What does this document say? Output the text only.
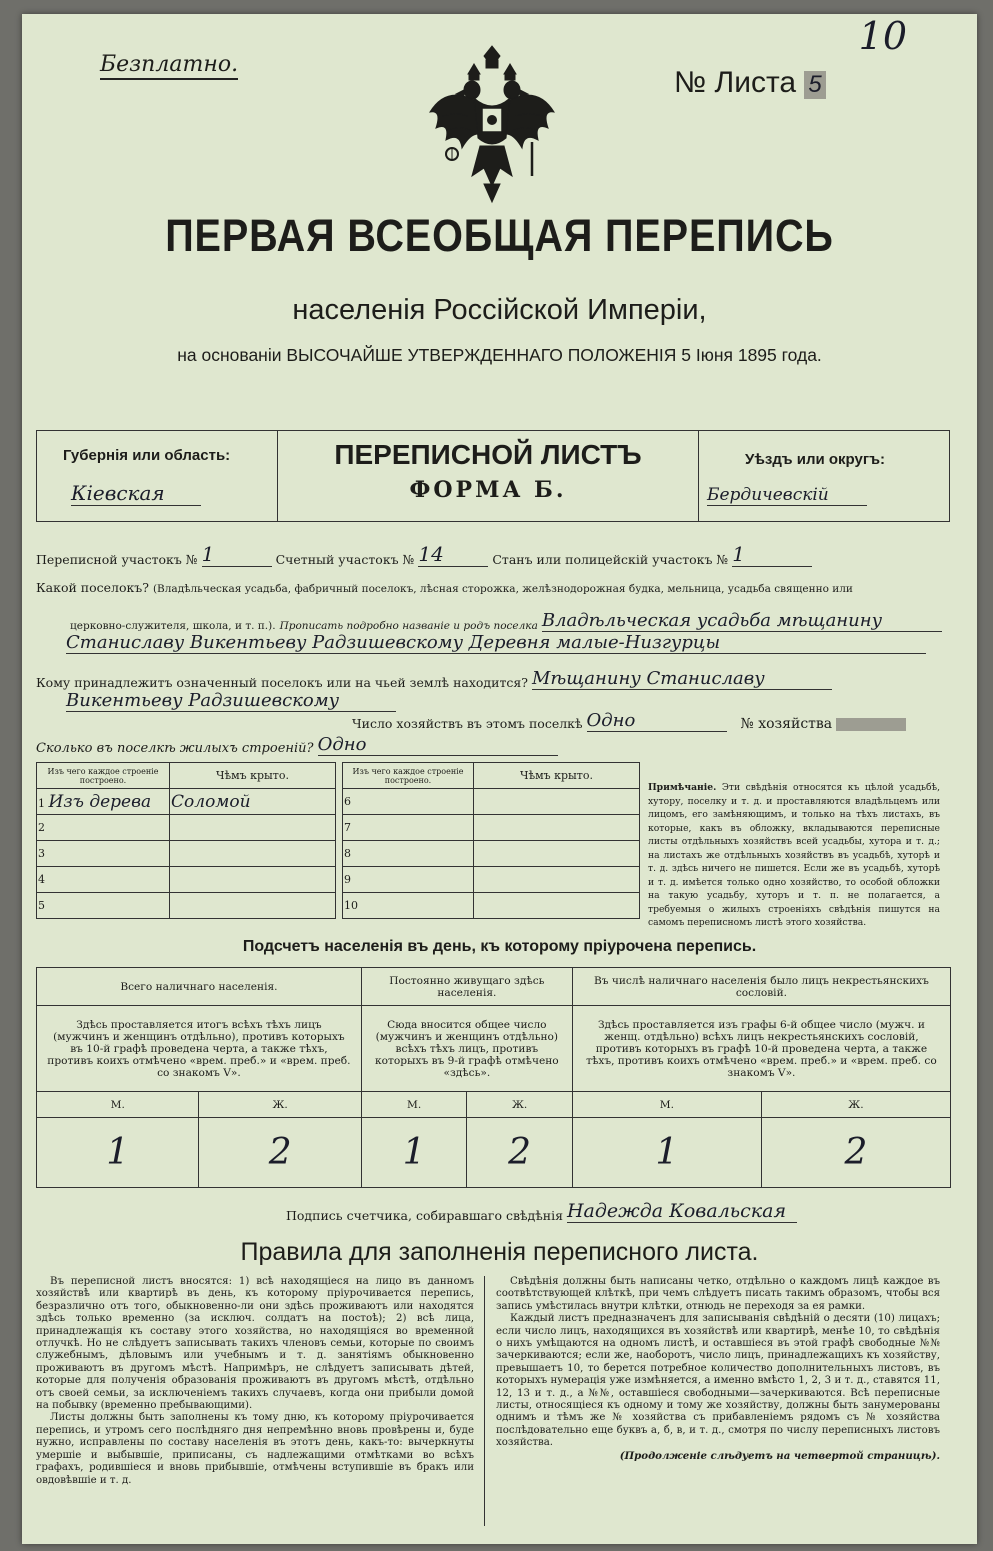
Безплатно.
10
№ Листа 5
ПЕРВАЯ ВСЕОБЩАЯ ПЕРЕПИСЬ
населенія Россійской Имперіи,
на основаніи ВЫСОЧАЙШЕ УТВЕРЖДЕННАГО ПОЛОЖЕНІЯ 5 Іюня 1895 года.
Губернія или область:
Кіевская
ПЕРЕПИСНОЙ ЛИСТЪ
ФОРМА Б.
Уѣздъ или округъ:
Бердичевскій
Переписной участокъ № 1	Счетный участокъ № 14	Станъ или полицейскій участокъ № 1
Какой поселокъ? (Владѣльческая усадьба, фабричный поселокъ, лѣсная сторожка, желѣзнодорожная будка, мельница, усадьба священно или
церковно-служителя, школа, и т. п.). Прописать подробно названіе и родъ поселка Владѣльческая усадьба мѣщанину
Станиславу Викентьеву Радзишевскому Деревня малые-Низгурцы
Кому принадлежитъ означенный поселокъ или на чьей землѣ находится? Мѣщанину Станиславу
Викентьеву Радзишевскому
Число хозяйствъ въ этомъ поселкѣ Одно	№ хозяйства
Сколько въ поселкѣ жилыхъ строеній? Одно
Изъ чего каждое строеніе построено.	Чѣмъ крыто.
1 Изъ дерева	Соломой
2	
3	
4	
5	
Изъ чего каждое строеніе построено.	Чѣмъ крыто.
6	
7	
8	
9	
10	
Примѣчаніе. Эти свѣдѣнія относятся къ цѣлой усадьбѣ, хутору, поселку и т. д. и проставляются владѣльцемъ или лицомъ, его замѣняющимъ, и только на тѣхъ листахъ, въ которые, какъ въ обложку, вкладываются переписные листы отдѣльныхъ хозяйствъ всей усадьбы, хутора и т. д.; на листахъ же отдѣльныхъ хозяйствъ въ усадьбѣ, хуторѣ и т. д. здѣсь ничего не пишется. Если же въ усадьбѣ, хуторѣ и т. д. имѣется только одно хозяйство, то особой обложки на такую усадьбу, хуторъ и т. п. не полагается, а требуемыя о жилыхъ строеніяхъ свѣдѣнія пишутся на самомъ переписномъ листѣ этого хозяйства.
Подсчетъ населенія въ день, къ которому пріурочена перепись.
Всего наличнаго населенія.		Постоянно живущаго здѣсь населенія.		Въ числѣ наличнаго населенія было лицъ некрестьянскихъ сословій.	
Здѣсь проставляется итогъ всѣхъ тѣхъ лицъ (мужчинъ и женщинъ отдѣльно), противъ которыхъ въ 10-й графѣ проведена черта, а также тѣхъ, противъ коихъ отмѣчено «врем. преб.» и «врем. преб. со знакомъ V».		Сюда вносится общее число (мужчинъ и женщинъ отдѣльно) всѣхъ тѣхъ лицъ, противъ которыхъ въ 9-й графѣ отмѣчено «здѣсь».		Здѣсь проставляется изъ графы 6-й общее число (мужч. и женщ. отдѣльно) всѣхъ лицъ некрестьянскихъ сословій, противъ которыхъ въ графѣ 10-й проведена черта, а также тѣхъ, противъ коихъ отмѣчено «врем. преб.» и «врем. преб. со знакомъ V».	
М.	Ж.	М.	Ж.	М.	Ж.
1	2	1	2	1	2
Подпись счетчика, собиравшаго свѣдѣнія Надежда Ковальская
Правила для заполненія переписного листа.

Въ переписной листъ вносятся: 1) всѣ находящіеся на лицо въ данномъ хозяйствѣ или квартирѣ въ день, къ которому пріурочивается перепись, безразлично отъ того, обыкновенно-ли они здѣсь проживаютъ или находятся здѣсь только временно (за исключ. солдатъ на постоѣ); 2) всѣ лица, принадлежащія къ составу этого хозяйства, но находящіяся во временной отлучкѣ. Но не слѣдуетъ записывать такихъ членовъ семьи, которые по своимъ служебнымъ, дѣловымъ или учебнымъ и т. д. занятіямъ обыкновенно проживаютъ въ другомъ мѣстѣ. Напримѣръ, не слѣдуетъ записывать дѣтей, которые для полученія образованія проживаютъ въ другомъ мѣстѣ, отдѣльно отъ своей семьи, за исключеніемъ такихъ случаевъ, когда они прибыли домой на побывку (временно пребывающими).

Листы должны быть заполнены къ тому дню, къ которому пріурочивается перепись, и утромъ сего послѣдняго дня непремѣнно вновь провѣрены и, буде нужно, исправлены по составу населенія въ этотъ день, какъ-то: вычеркнуты умершіе и выбывшіе, приписаны, съ надлежащими отмѣтками во всѣхъ графахъ, родившіеся и вновь прибывшіе, отмѣчены вступившіе въ бракъ или овдовѣвшіе и т. д.

Свѣдѣнія должны быть написаны четко, отдѣльно о каждомъ лицѣ каждое въ соотвѣтствующей клѣткѣ, при чемъ слѣдуетъ писать такимъ образомъ, чтобы вся запись умѣстилась внутри клѣтки, отнюдь не переходя за ея рамки.

Каждый листъ предназначенъ для записыванія свѣдѣній о десяти (10) лицахъ; если число лицъ, находящихся въ хозяйствѣ или квартирѣ, менѣе 10, то свѣдѣнія о нихъ умѣщаются на одномъ листѣ, и оставшіеся въ этой графѣ свободные №№ зачеркиваются; если же, наоборотъ, число лицъ, принадлежащихъ къ хозяйству, превышаетъ 10, то берется потребное количество дополнительныхъ листовъ, въ которыхъ нумерація уже измѣняется, а именно вмѣсто 1, 2, 3 и т. д., ставятся 11, 12, 13 и т. д., а №№, оставшіеся свободными—зачеркиваются. Всѣ переписные листы, относящіеся къ одному и тому же хозяйству, должны быть занумерованы однимъ и тѣмъ же № хозяйства съ прибавленіемъ рядомъ съ № хозяйства послѣдовательно еще буквъ а, б, в, и т. д., смотря по числу переписныхъ листовъ хозяйства.

(Продолженіе слѣдуетъ на четвертой страницѣ).
